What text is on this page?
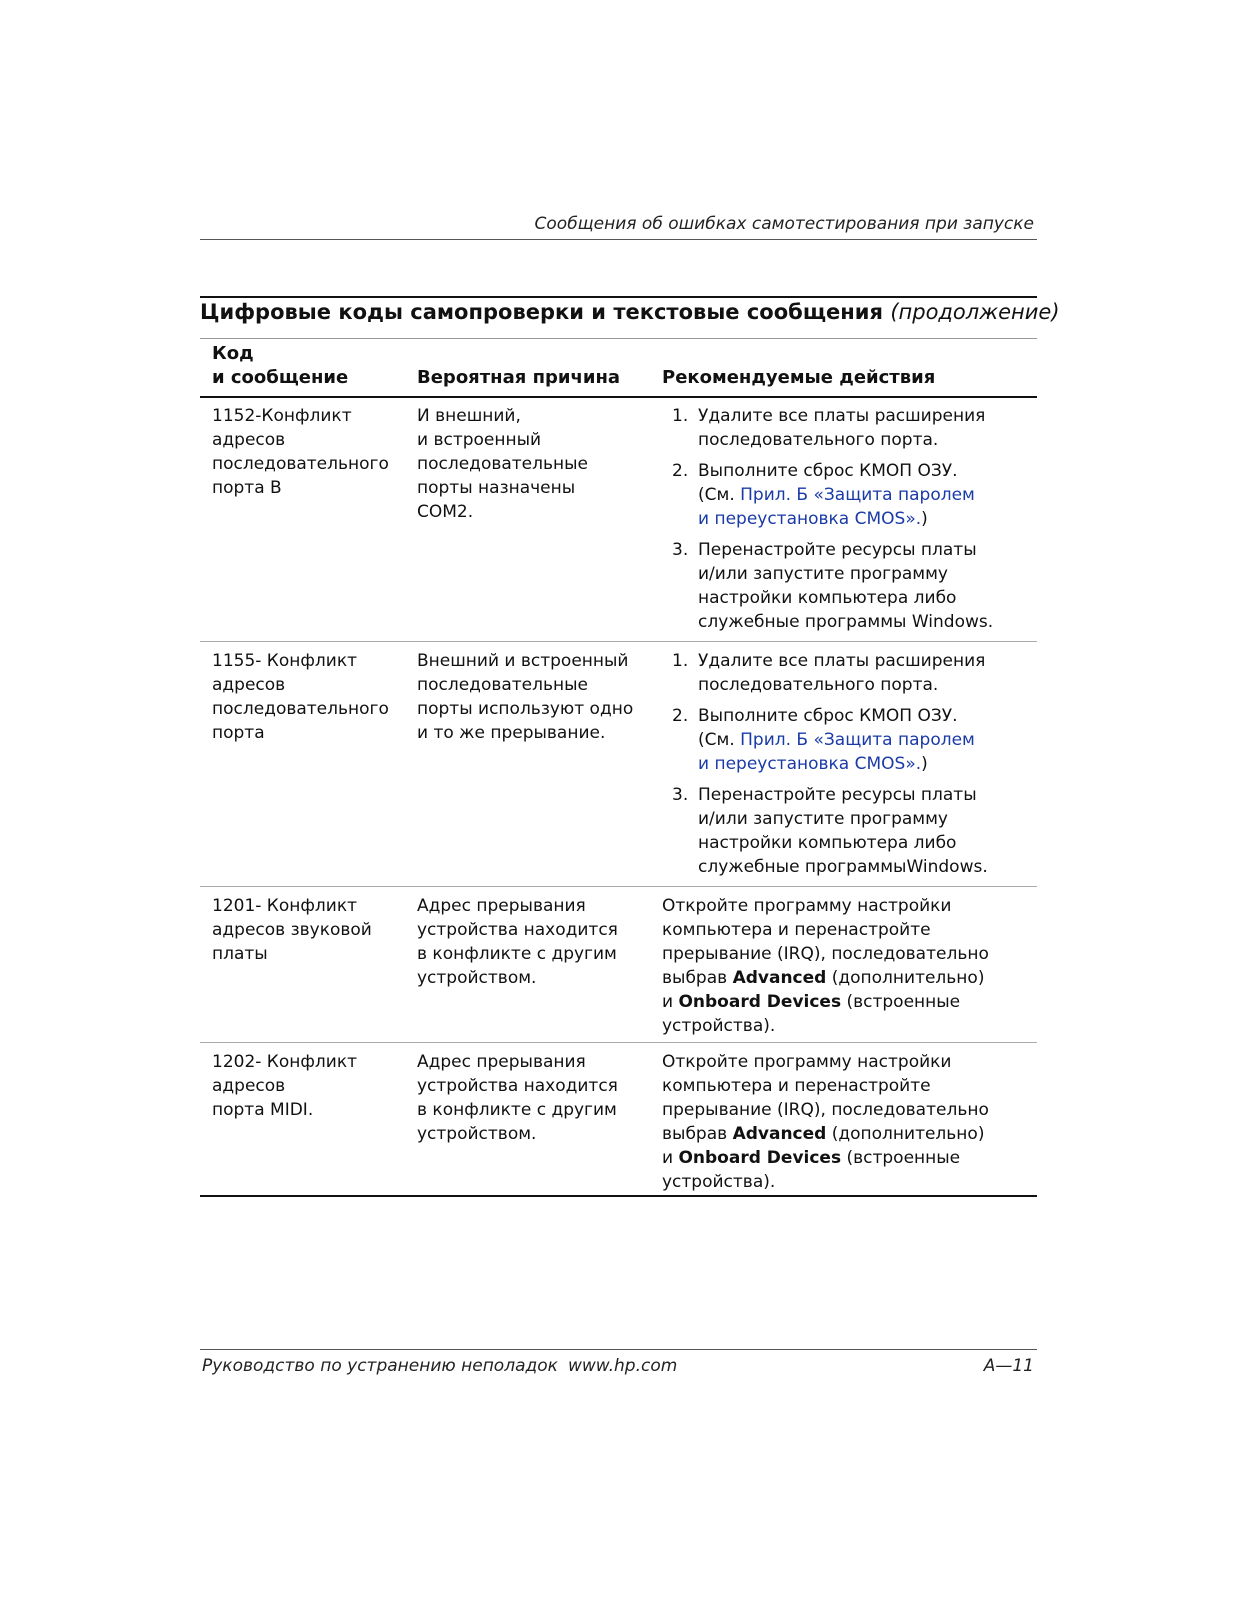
Сообщения об ошибках самотестирования при запуске
Цифровые коды самопроверки и текстовые сообщения (продолжение)
Код
и сообщение	Вероятная причина Рекомендуемые действия

1152-Конфликт

адресов

последовательного

порта B

И внешний,

и встроенный

последовательные

порты назначены

COM2.

1. Удалите все платы расширения

последовательного порта.

2. Выполните сброс КМОП ОЗУ.

(См. Прил. Б «Защита паролем

и переустановка CMOS».)

3. Перенастройте ресурсы платы

и/или запустите программу

настройки компьютера либо

служебные программы Windows.

1155- Конфликт

адресов

последовательного

порта

Внешний и встроенный

последовательные

порты используют одно

и то же прерывание.

1. Удалите все платы расширения

последовательного порта.

2. Выполните сброс КМОП ОЗУ.

(См. Прил. Б «Защита паролем

и переустановка CMOS».)

3. Перенастройте ресурсы платы

и/или запустите программу

настройки компьютера либо

служебные программыWindows.

1201- Конфликт

адресов звуковой

платы

Адрес прерывания

устройства находится

в конфликте с другим

устройством.

Откройте программу настройки

компьютера и перенастройте

прерывание (IRQ), последовательно

выбрав Advanced (дополнительно)

и Onboard Devices (встроенные

устройства).

1202- Конфликт

адресов

порта MIDI.

Адрес прерывания

устройства находится

в конфликте с другим

устройством.

Откройте программу настройки

компьютера и перенастройте

прерывание (IRQ), последовательно

выбрав Advanced (дополнительно)

и Onboard Devices (встроенные

устройства).

Руководство по устранению неполадок www.hp.com	A—11
